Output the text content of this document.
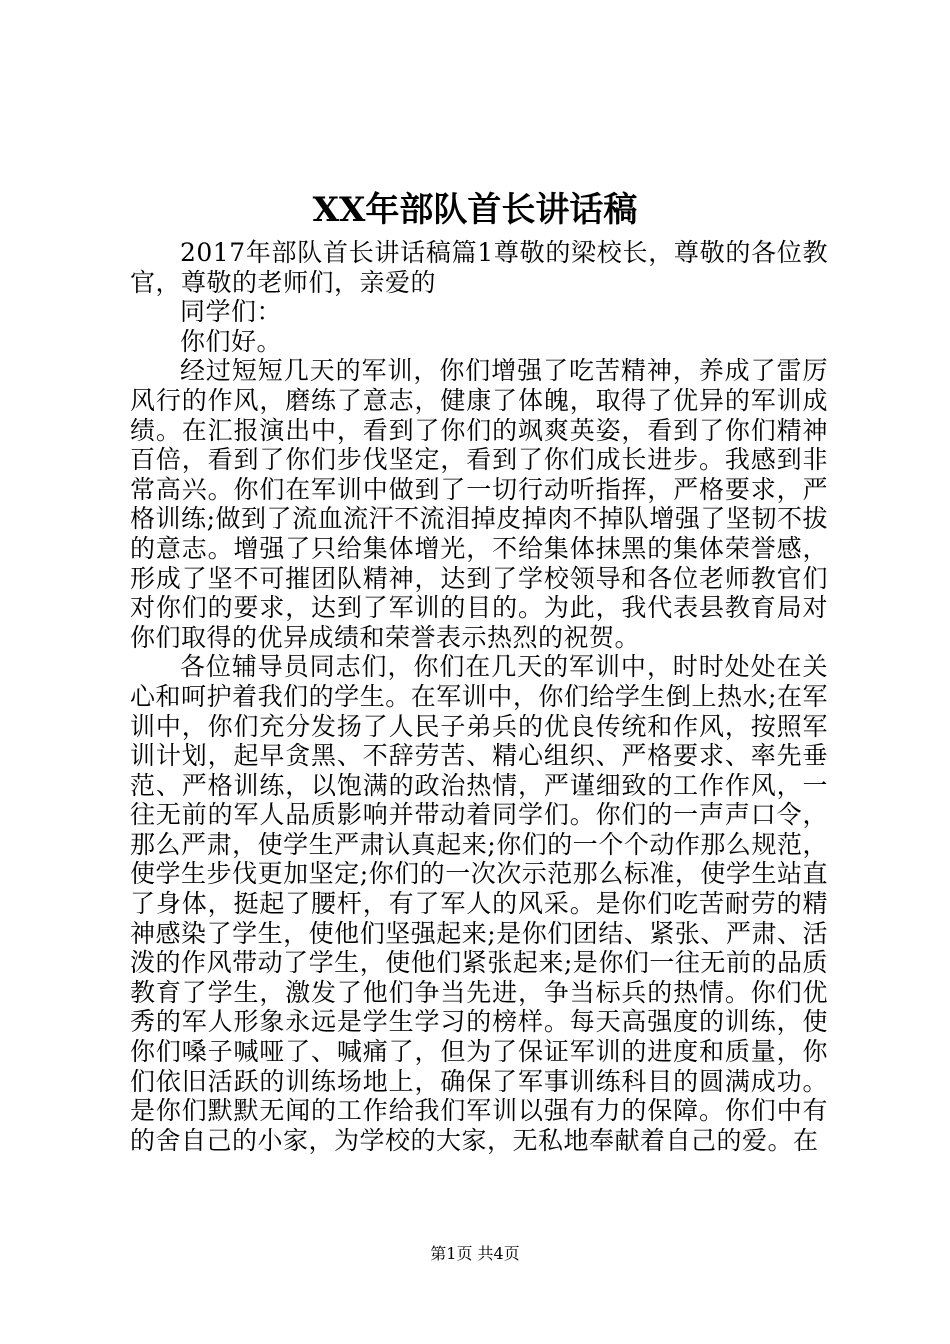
XX年部队首长讲话稿

2017年部队首长讲话稿篇1尊敬的梁校长，尊敬的各位教官，尊敬的老师们，亲爱的

同学们：

你们好。

经过短短几天的军训，你们增强了吃苦精神，养成了雷厉风行的作风，磨练了意志，健康了体魄，取得了优异的军训成绩。在汇报演出中，看到了你们的飒爽英姿，看到了你们精神百倍，看到了你们步伐坚定，看到了你们成长进步。我感到非常高兴。你们在军训中做到了一切行动听指挥，严格要求，严格训练;做到了流血流汗不流泪掉皮掉肉不掉队增强了坚韧不拔的意志。增强了只给集体增光，不给集体抹黑的集体荣誉感，形成了坚不可摧团队精神，达到了学校领导和各位老师教官们对你们的要求，达到了军训的目的。为此，我代表县教育局对你们取得的优异成绩和荣誉表示热烈的祝贺。

各位辅导员同志们，你们在几天的军训中，时时处处在关心和呵护着我们的学生。在军训中，你们给学生倒上热水;在军训中，你们充分发扬了人民子弟兵的优良传统和作风，按照军训计划，起早贪黑、不辞劳苦、精心组织、严格要求、率先垂范、严格训练，以饱满的政治热情，严谨细致的工作作风，一往无前的军人品质影响并带动着同学们。你们的一声声口令，那么严肃，使学生严肃认真起来;你们的一个个动作那么规范，使学生步伐更加坚定;你们的一次次示范那么标准，使学生站直了身体，挺起了腰杆，有了军人的风采。是你们吃苦耐劳的精神感染了学生，使他们坚强起来;是你们团结、紧张、严肃、活泼的作风带动了学生，使他们紧张起来;是你们一往无前的品质教育了学生，激发了他们争当先进，争当标兵的热情。你们优秀的军人形象永远是学生学习的榜样。每天高强度的训练，使你们嗓子喊哑了、喊痛了，但为了保证军训的进度和质量，你们依旧活跃的训练场地上，确保了军事训练科目的圆满成功。是你们默默无闻的工作给我们军训以强有力的保障。你们中有的舍自己的小家，为学校的大家，无私地奉献着自己的爱。在

第1页 共4页
